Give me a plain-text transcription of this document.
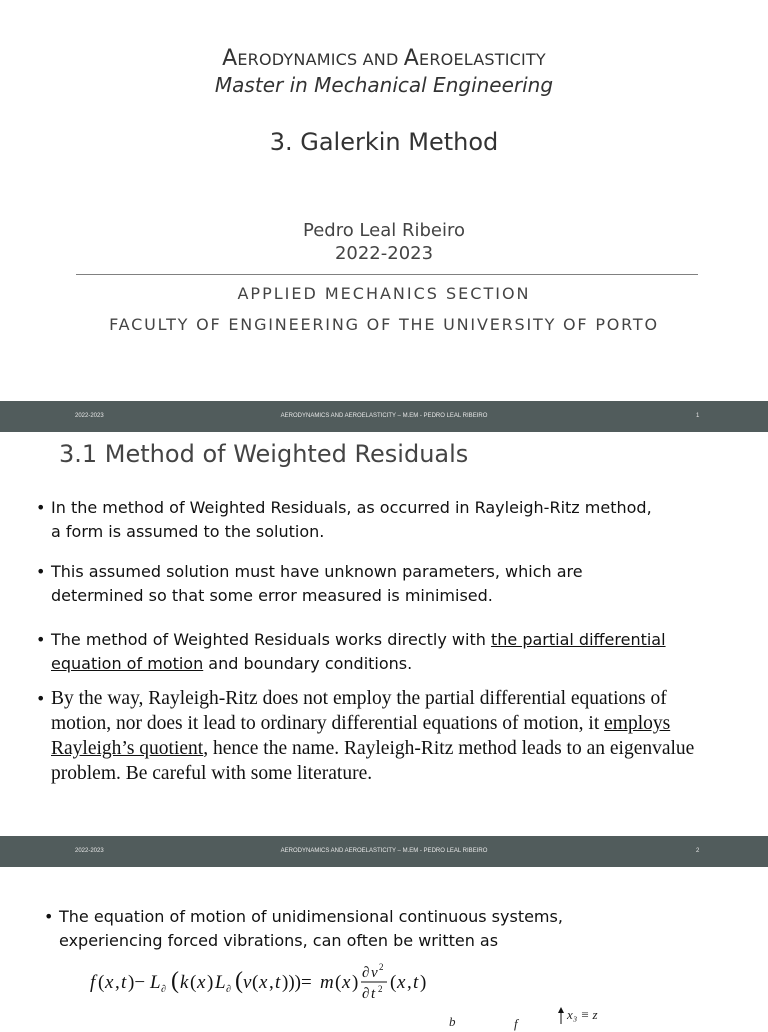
AERODYNAMICS AND AEROELASTICITY
Master in Mechanical Engineering
3. Galerkin Method
Pedro Leal Ribeiro
2022-2023
APPLIED MECHANICS SECTION
FACULTY OF ENGINEERING OF THE UNIVERSITY OF PORTO
2022-2023	AERODYNAMICS AND AEROELASTICITY – M.EM - PEDRO LEAL RIBEIRO	1
3.1 Method of Weighted Residuals
• In the method of Weighted Residuals, as occurred in Rayleigh-Ritz method,
a form is assumed to the solution.
• This assumed solution must have unknown parameters, which are
determined so that some error measured is minimised.
• The method of Weighted Residuals works directly with the partial differential
equation of motion and boundary conditions.
• By the way, Rayleigh-Ritz does not employ the partial differential equations of
motion, nor does it lead to ordinary differential equations of motion, it employs
Rayleigh’s quotient, hence the name. Rayleigh-Ritz method leads to an eigenvalue
problem. Be careful with some literature.
2022-2023	AERODYNAMICS AND AEROELASTICITY – M.EM - PEDRO LEAL RIBEIRO	2
• The equation of motion of unidimensional continuous systems,
experiencing forced vibrations, can often be written as
f ( x , t )− L ∂ ( k ( x ) L ∂ ( v ( x , t )))= m ( x ) ∂ v 2
∂ t 2 ( x , t )
b	f
x₃ ≡ z
